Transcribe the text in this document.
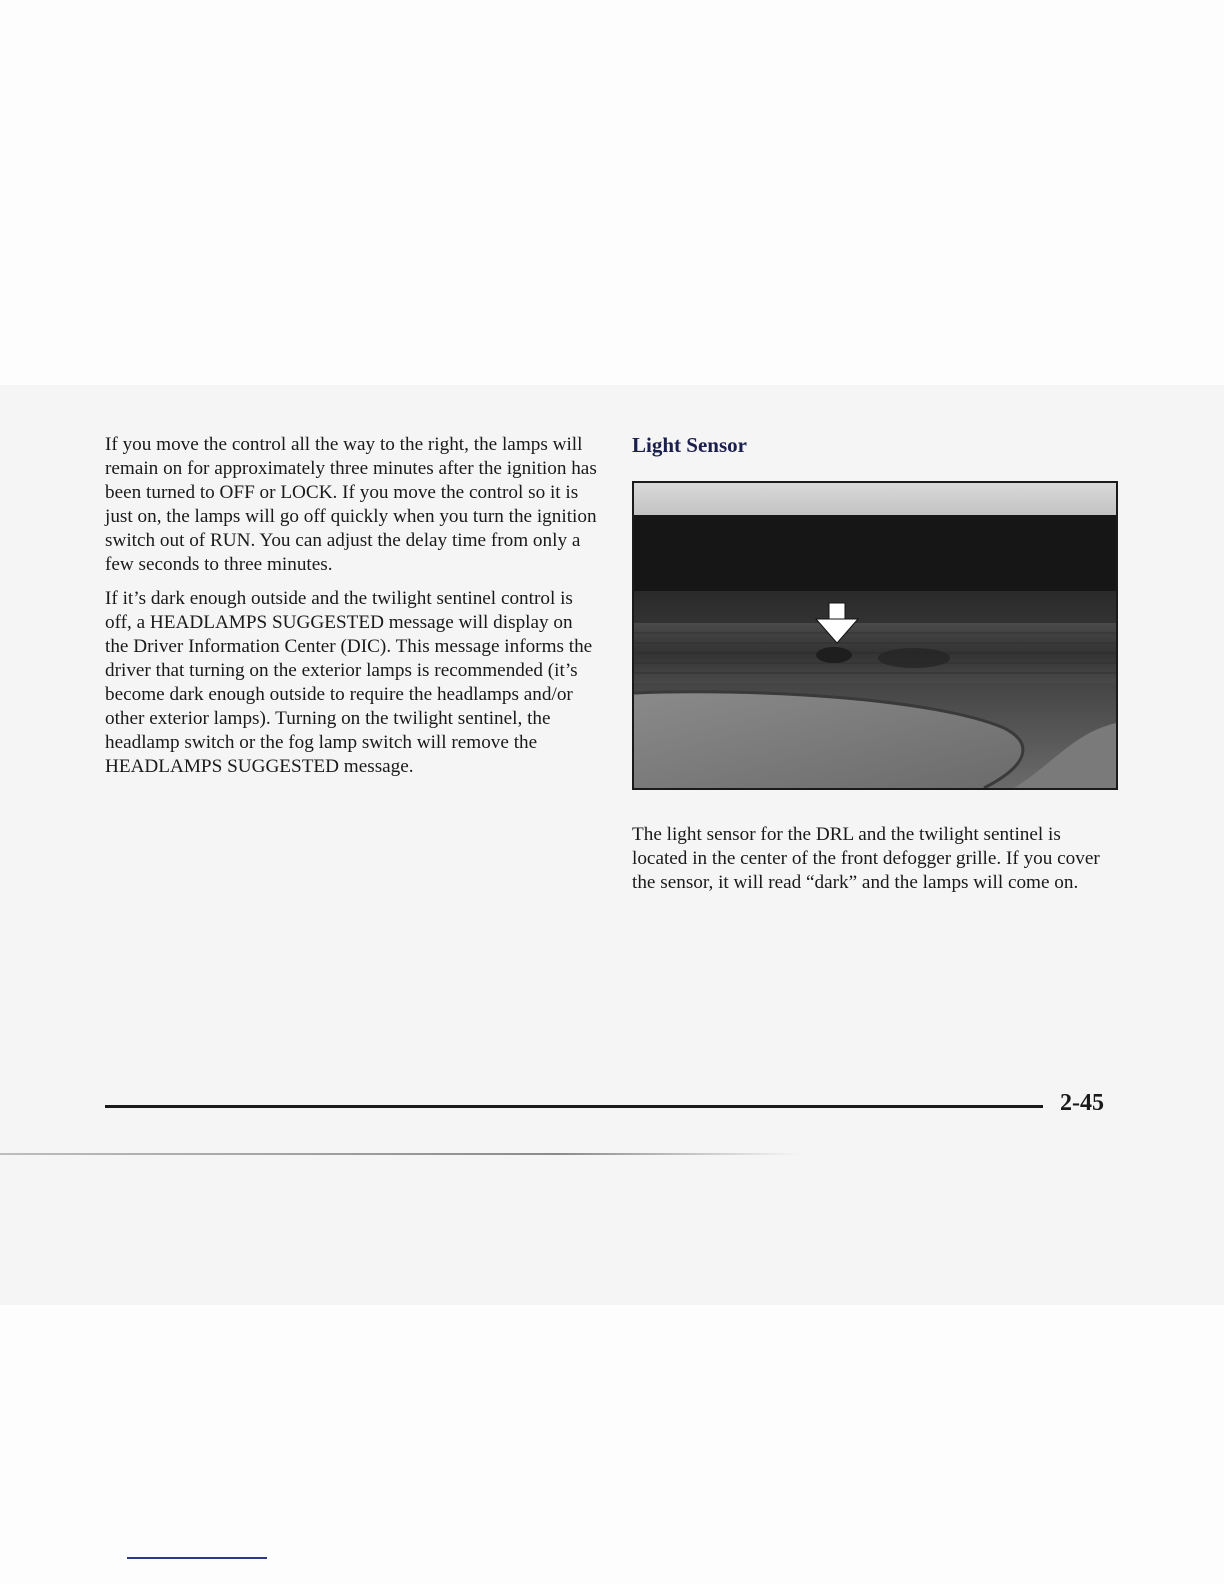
If you move the control all the way to the right, the lamps will remain on for approximately three minutes after the ignition has been turned to OFF or LOCK. If you move the control so it is just on, the lamps will go off quickly when you turn the ignition switch out of RUN. You can adjust the delay time from only a few seconds to three minutes.

If it’s dark enough outside and the twilight sentinel control is off, a HEADLAMPS SUGGESTED message will display on the Driver Information Center (DIC). This message informs the driver that turning on the exterior lamps is recommended (it’s become dark enough outside to require the headlamps and/or other exterior lamps). Turning on the twilight sentinel, the headlamp switch or the fog lamp switch will remove the HEADLAMPS SUGGESTED message.

Light Sensor

The light sensor for the DRL and the twilight sentinel is located in the center of the front defogger grille. If you cover the sensor, it will read “dark” and the lamps will come on.

2-45
